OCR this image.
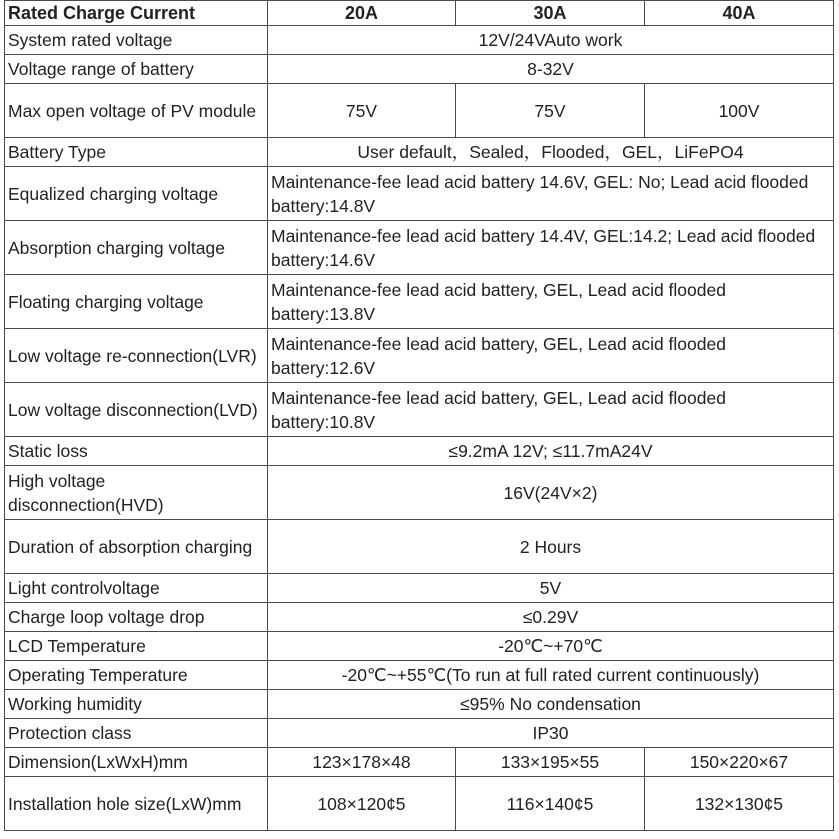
Rated Charge Current	20A	30A	40A
System rated voltage	12V/24VAuto work		
Voltage range of battery	8-32V		
Max open voltage of PV module	75V	75V	100V
Battery Type	User default，Sealed，Flooded，GEL，LiFePO4		
Equalized charging voltage	Maintenance-fee lead acid battery 14.6V, GEL: No; Lead acid flooded battery:14.8V		
Absorption charging voltage	Maintenance-fee lead acid battery 14.4V, GEL:14.2; Lead acid flooded battery:14.6V		
Floating charging voltage	Maintenance-fee lead acid battery, GEL, Lead acid flooded battery:13.8V		
Low voltage re-connection(LVR)	Maintenance-fee lead acid battery, GEL, Lead acid flooded battery:12.6V		
Low voltage disconnection(LVD)	Maintenance-fee lead acid battery, GEL, Lead acid flooded battery:10.8V		
Static loss	≤9.2mA 12V; ≤11.7mA24V		
High voltage disconnection(HVD)	16V(24V×2)		
Duration of absorption charging	2 Hours		
Light controlvoltage	5V		
Charge loop voltage drop	≤0.29V		
LCD Temperature	-20℃~+70℃		
Operating Temperature	-20℃~+55℃(To run at full rated current continuously)		
Working humidity	≤95% No condensation		
Protection class	IP30		
Dimension(LxWxH)mm	123×178×48	133×195×55	150×220×67
Installation hole size(LxW)mm	108×120¢5	116×140¢5	132×130¢5
